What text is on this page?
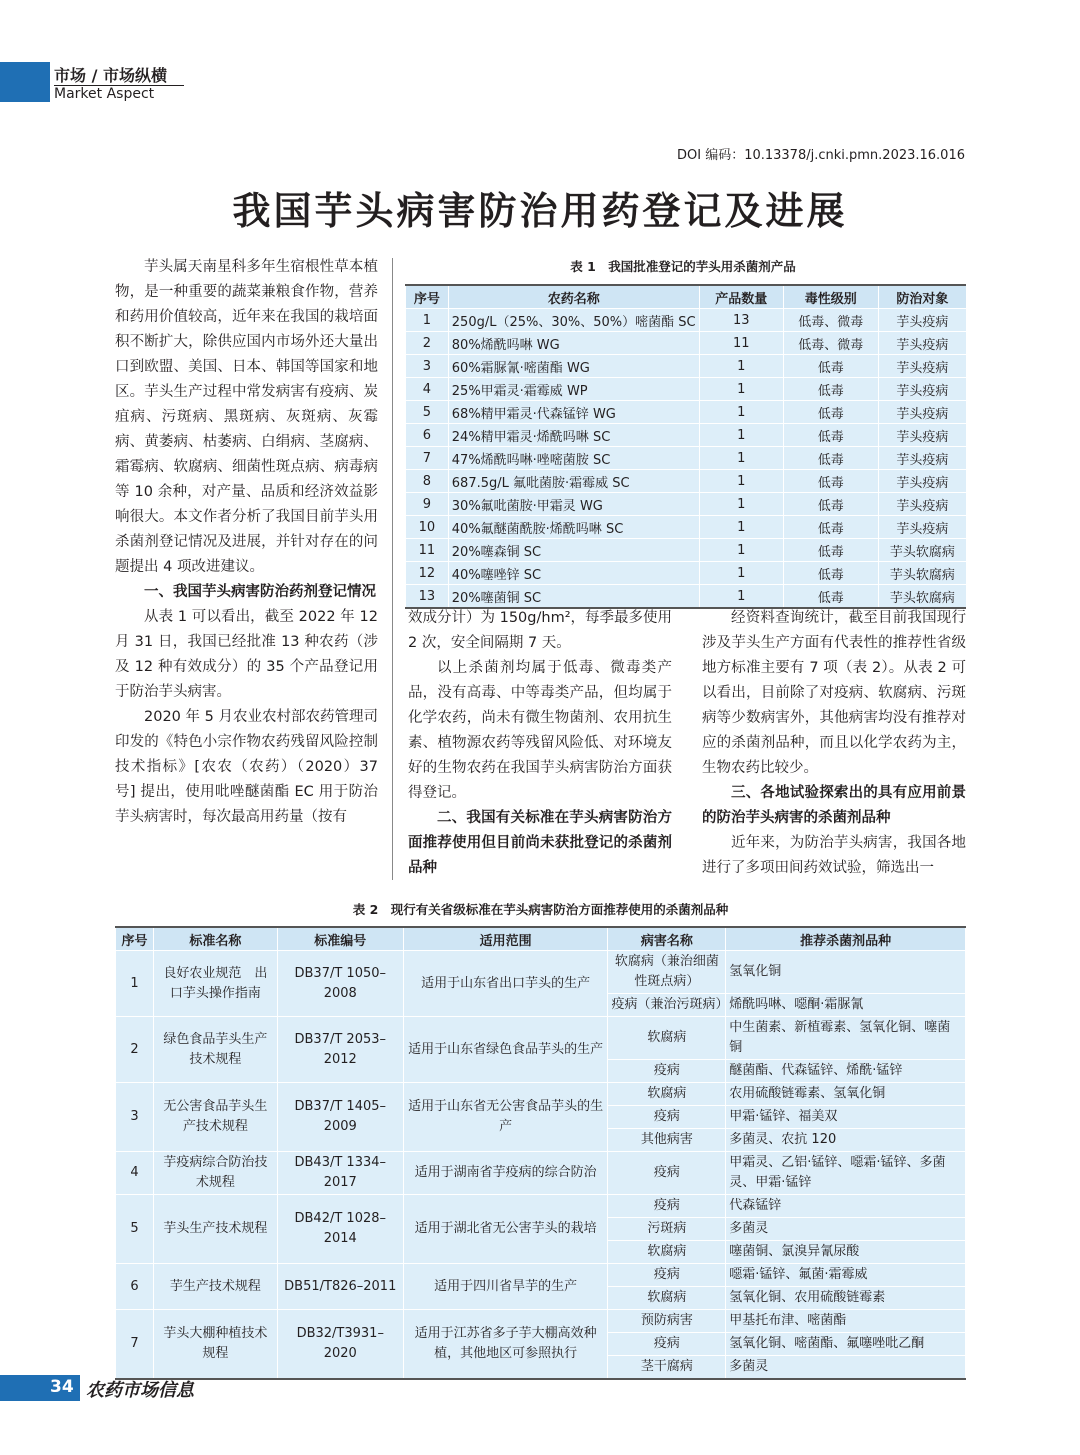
市场 / 市场纵横
Market Aspect
DOI 编码：10.13378/j.cnki.pmn.2023.16.016
我国芋头病害防治用药登记及进展

芋头属天南星科多年生宿根性草本植物，是一种重要的蔬菜兼粮食作物，营养和药用价值较高，近年来在我国的栽培面积不断扩大，除供应国内市场外还大量出口到欧盟、美国、日本、韩国等国家和地区。芋头生产过程中常发病害有疫病、炭疽病、污斑病、黑斑病、灰斑病、灰霉病、黄萎病、枯萎病、白绢病、茎腐病、霜霉病、软腐病、细菌性斑点病、病毒病等 10 余种，对产量、品质和经济效益影响很大。本文作者分析了我国目前芋头用杀菌剂登记情况及进展，并针对存在的问题提出 4 项改进建议。

一、我国芋头病害防治药剂登记情况

从表 1 可以看出，截至 2022 年 12 月 31 日，我国已经批准 13 种农药（涉及 12 种有效成分）的 35 个产品登记用于防治芋头病害。

2020 年 5 月农业农村部农药管理司印发的《特色小宗作物农药残留风险控制技术指标》[农农（农药）（2020）37 号] 提出，使用吡唑醚菌酯 EC 用于防治芋头病害时，每次最高用药量（按有

表 1　我国批准登记的芋头用杀菌剂产品
序号	农药名称	产品数量	毒性级别	防治对象
1	250g/L（25%、30%、50%）嘧菌酯 SC	13	低毒、微毒	芋头疫病
2	80%烯酰吗啉 WG	11	低毒、微毒	芋头疫病
3	60%霜脲氰·嘧菌酯 WG	1	低毒	芋头疫病
4	25%甲霜灵·霜霉威 WP	1	低毒	芋头疫病
5	68%精甲霜灵·代森锰锌 WG	1	低毒	芋头疫病
6	24%精甲霜灵·烯酰吗啉 SC	1	低毒	芋头疫病
7	47%烯酰吗啉·唑嘧菌胺 SC	1	低毒	芋头疫病
8	687.5g/L 氟吡菌胺·霜霉威 SC	1	低毒	芋头疫病
9	30%氟吡菌胺·甲霜灵 WG	1	低毒	芋头疫病
10	40%氟醚菌酰胺·烯酰吗啉 SC	1	低毒	芋头疫病
11	20%噻森铜 SC	1	低毒	芋头软腐病
12	40%噻唑锌 SC	1	低毒	芋头软腐病
13	20%噻菌铜 SC	1	低毒	芋头软腐病

效成分计）为 150g/hm²，每季最多使用 2 次，安全间隔期 7 天。

以上杀菌剂均属于低毒、微毒类产品，没有高毒、中等毒类产品，但均属于化学农药，尚未有微生物菌剂、农用抗生素、植物源农药等残留风险低、对环境友好的生物农药在我国芋头病害防治方面获得登记。

二、我国有关标准在芋头病害防治方面推荐使用但目前尚未获批登记的杀菌剂品种

经资料查询统计，截至目前我国现行涉及芋头生产方面有代表性的推荐性省级地方标准主要有 7 项（表 2）。从表 2 可以看出，目前除了对疫病、软腐病、污斑病等少数病害外，其他病害均没有推荐对应的杀菌剂品种，而且以化学农药为主，生物农药比较少。

三、各地试验探索出的具有应用前景的防治芋头病害的杀菌剂品种

近年来，为防治芋头病害，我国各地进行了多项田间药效试验，筛选出一

表 2　现行有关省级标准在芋头病害防治方面推荐使用的杀菌剂品种
序号	标准名称	标准编号	适用范围	病害名称	推荐杀菌剂品种
1	良好农业规范　出口芋头操作指南	DB37/T 1050–2008	适用于山东省出口芋头的生产	软腐病（兼治细菌性斑点病）	氢氧化铜
				疫病（兼治污斑病）	烯酰吗啉、噁酮·霜脲氰
2	绿色食品芋头生产技术规程	DB37/T 2053–2012	适用于山东省绿色食品芋头的生产	软腐病	中生菌素、新植霉素、氢氧化铜、噻菌铜
				疫病	醚菌酯、代森锰锌、烯酰·锰锌
3	无公害食品芋头生产技术规程	DB37/T 1405–2009	适用于山东省无公害食品芋头的生产	软腐病	农用硫酸链霉素、氢氧化铜
				疫病	甲霜·锰锌、福美双
				其他病害	多菌灵、农抗 120
4	芋疫病综合防治技术规程	DB43/T 1334–2017	适用于湖南省芋疫病的综合防治	疫病	甲霜灵、乙铝·锰锌、噁霜·锰锌、多菌灵、甲霜·锰锌
5	芋头生产技术规程	DB42/T 1028–2014	适用于湖北省无公害芋头的栽培	疫病	代森锰锌
				污斑病	多菌灵
				软腐病	噻菌铜、氯溴异氰尿酸
6	芋生产技术规程	DB51/T826–2011	适用于四川省旱芋的生产	疫病	噁霜·锰锌、氟菌·霜霉威
				软腐病	氢氧化铜、农用硫酸链霉素
7	芋头大棚种植技术规程	DB32/T3931–2020	适用于江苏省多子芋大棚高效种植，其他地区可参照执行	预防病害	甲基托布津、嘧菌酯
				疫病	氢氧化铜、嘧菌酯、氟噻唑吡乙酮
				茎干腐病	多菌灵
34 农药市场信息
